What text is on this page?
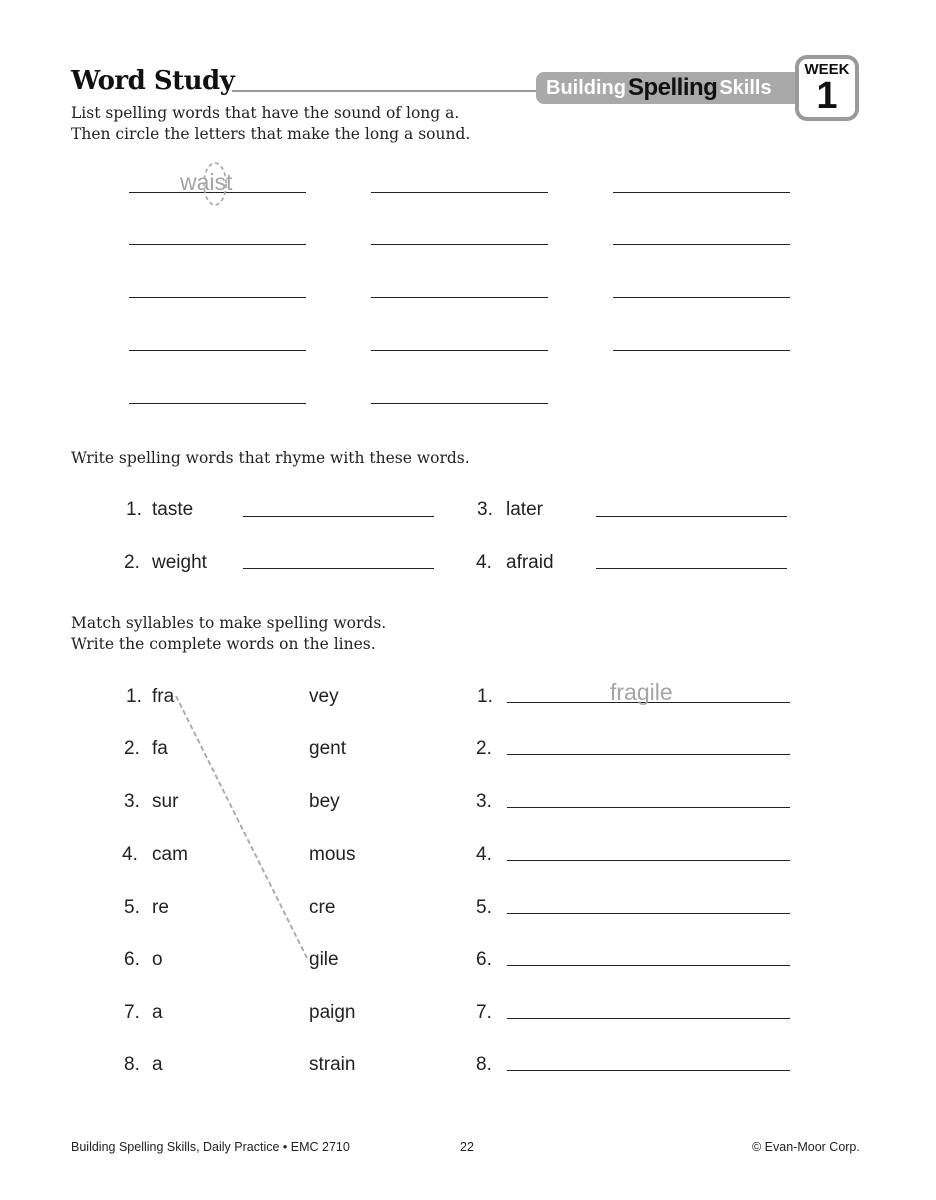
Word Study	Building Spelling Skills
WEEK
1
List spelling words that have the sound of long a.
Then circle the letters that make the long a sound.
waist
Write spelling words that rhyme with these words.
1. taste
2. weight
3. later
4. afraid
Match syllables to make spelling words.
Write the complete words on the lines.
1. fra	vey	1.
2. fa	gent	2.
3. sur	bey	3.
4. cam	mous	4.
5. re	cre	5.
6. o	gile	6.
7. a	paign	7.
8. a	strain	8.
fragile
Building Spelling Skills, Daily Practice • EMC 2710	22	© Evan-Moor Corp.
